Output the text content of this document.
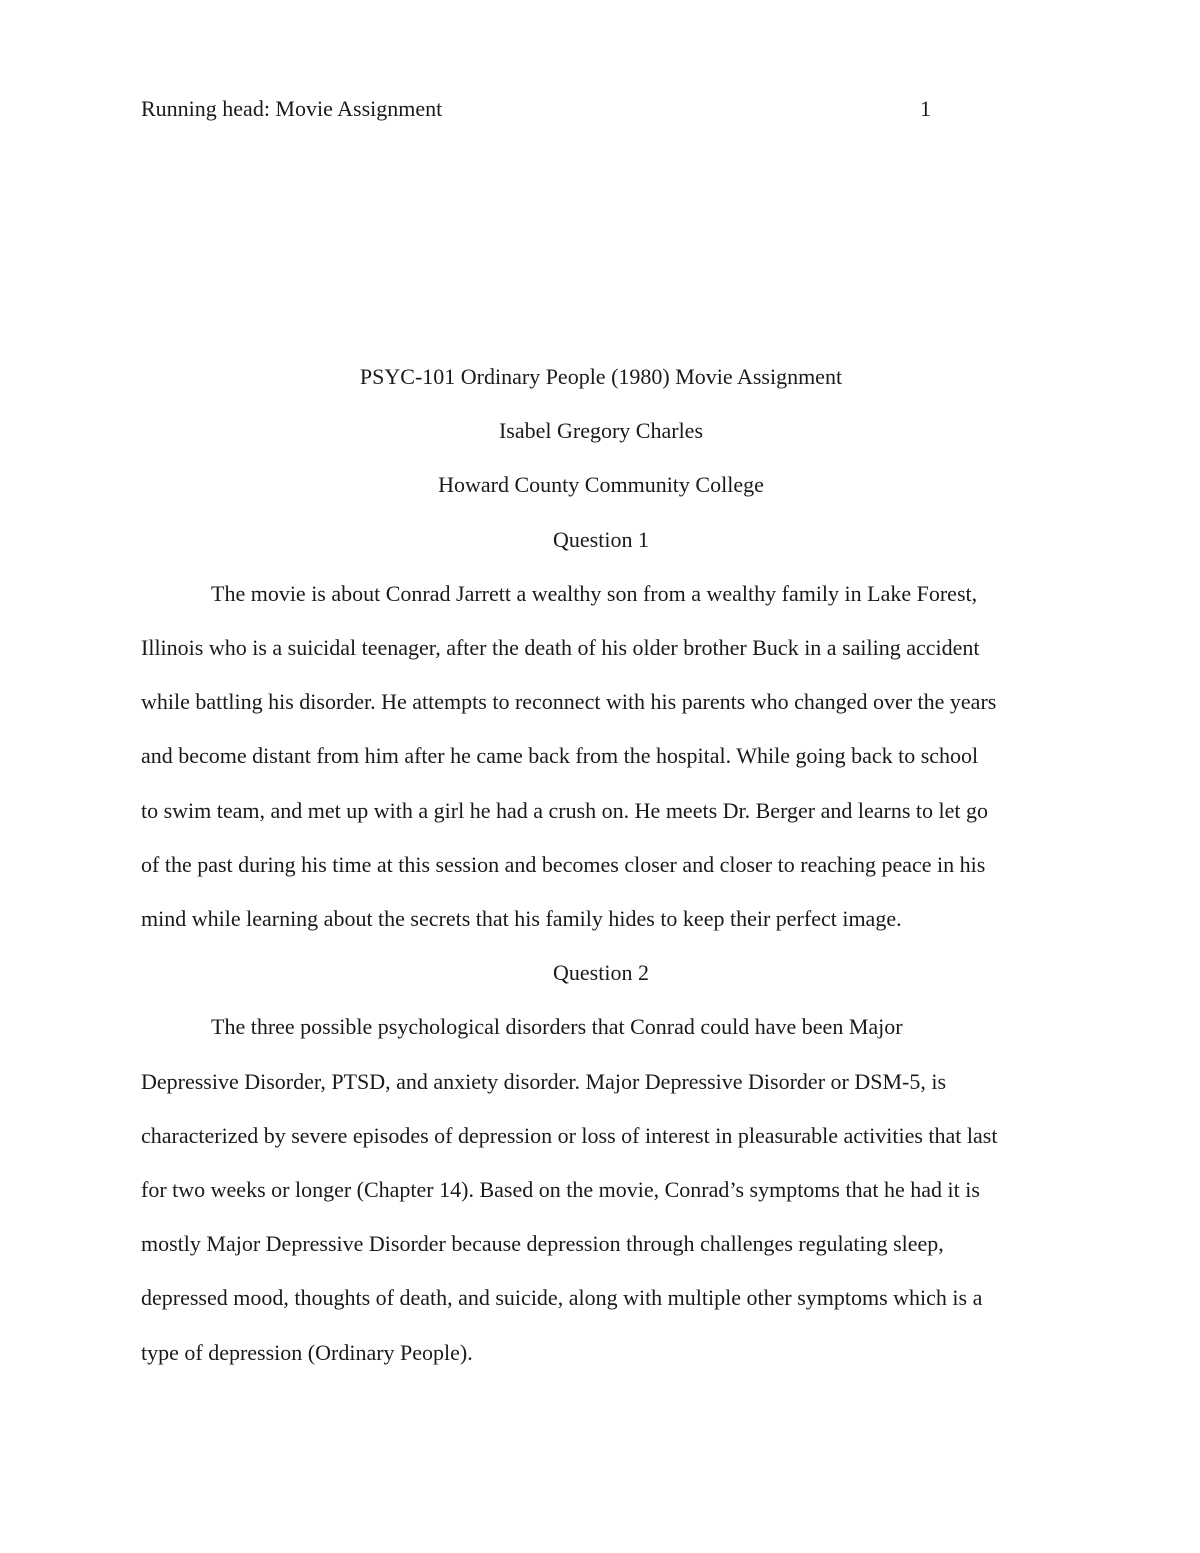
Running head: Movie Assignment	1

PSYC-101 Ordinary People (1980) Movie Assignment

Isabel Gregory Charles

Howard County Community College

Question 1

The movie is about Conrad Jarrett a wealthy son from a wealthy family in Lake Forest,
Illinois who is a suicidal teenager, after the death of his older brother Buck in a sailing accident
while battling his disorder. He attempts to reconnect with his parents who changed over the years
and become distant from him after he came back from the hospital. While going back to school
to swim team, and met up with a girl he had a crush on. He meets Dr. Berger and learns to let go
of the past during his time at this session and becomes closer and closer to reaching peace in his
mind while learning about the secrets that his family hides to keep their perfect image.

Question 2

The three possible psychological disorders that Conrad could have been Major
Depressive Disorder, PTSD, and anxiety disorder. Major Depressive Disorder or DSM-5, is
characterized by severe episodes of depression or loss of interest in pleasurable activities that last
for two weeks or longer (Chapter 14). Based on the movie, Conrad’s symptoms that he had it is
mostly Major Depressive Disorder because depression through challenges regulating sleep,
depressed mood, thoughts of death, and suicide, along with multiple other symptoms which is a
type of depression (Ordinary People).
